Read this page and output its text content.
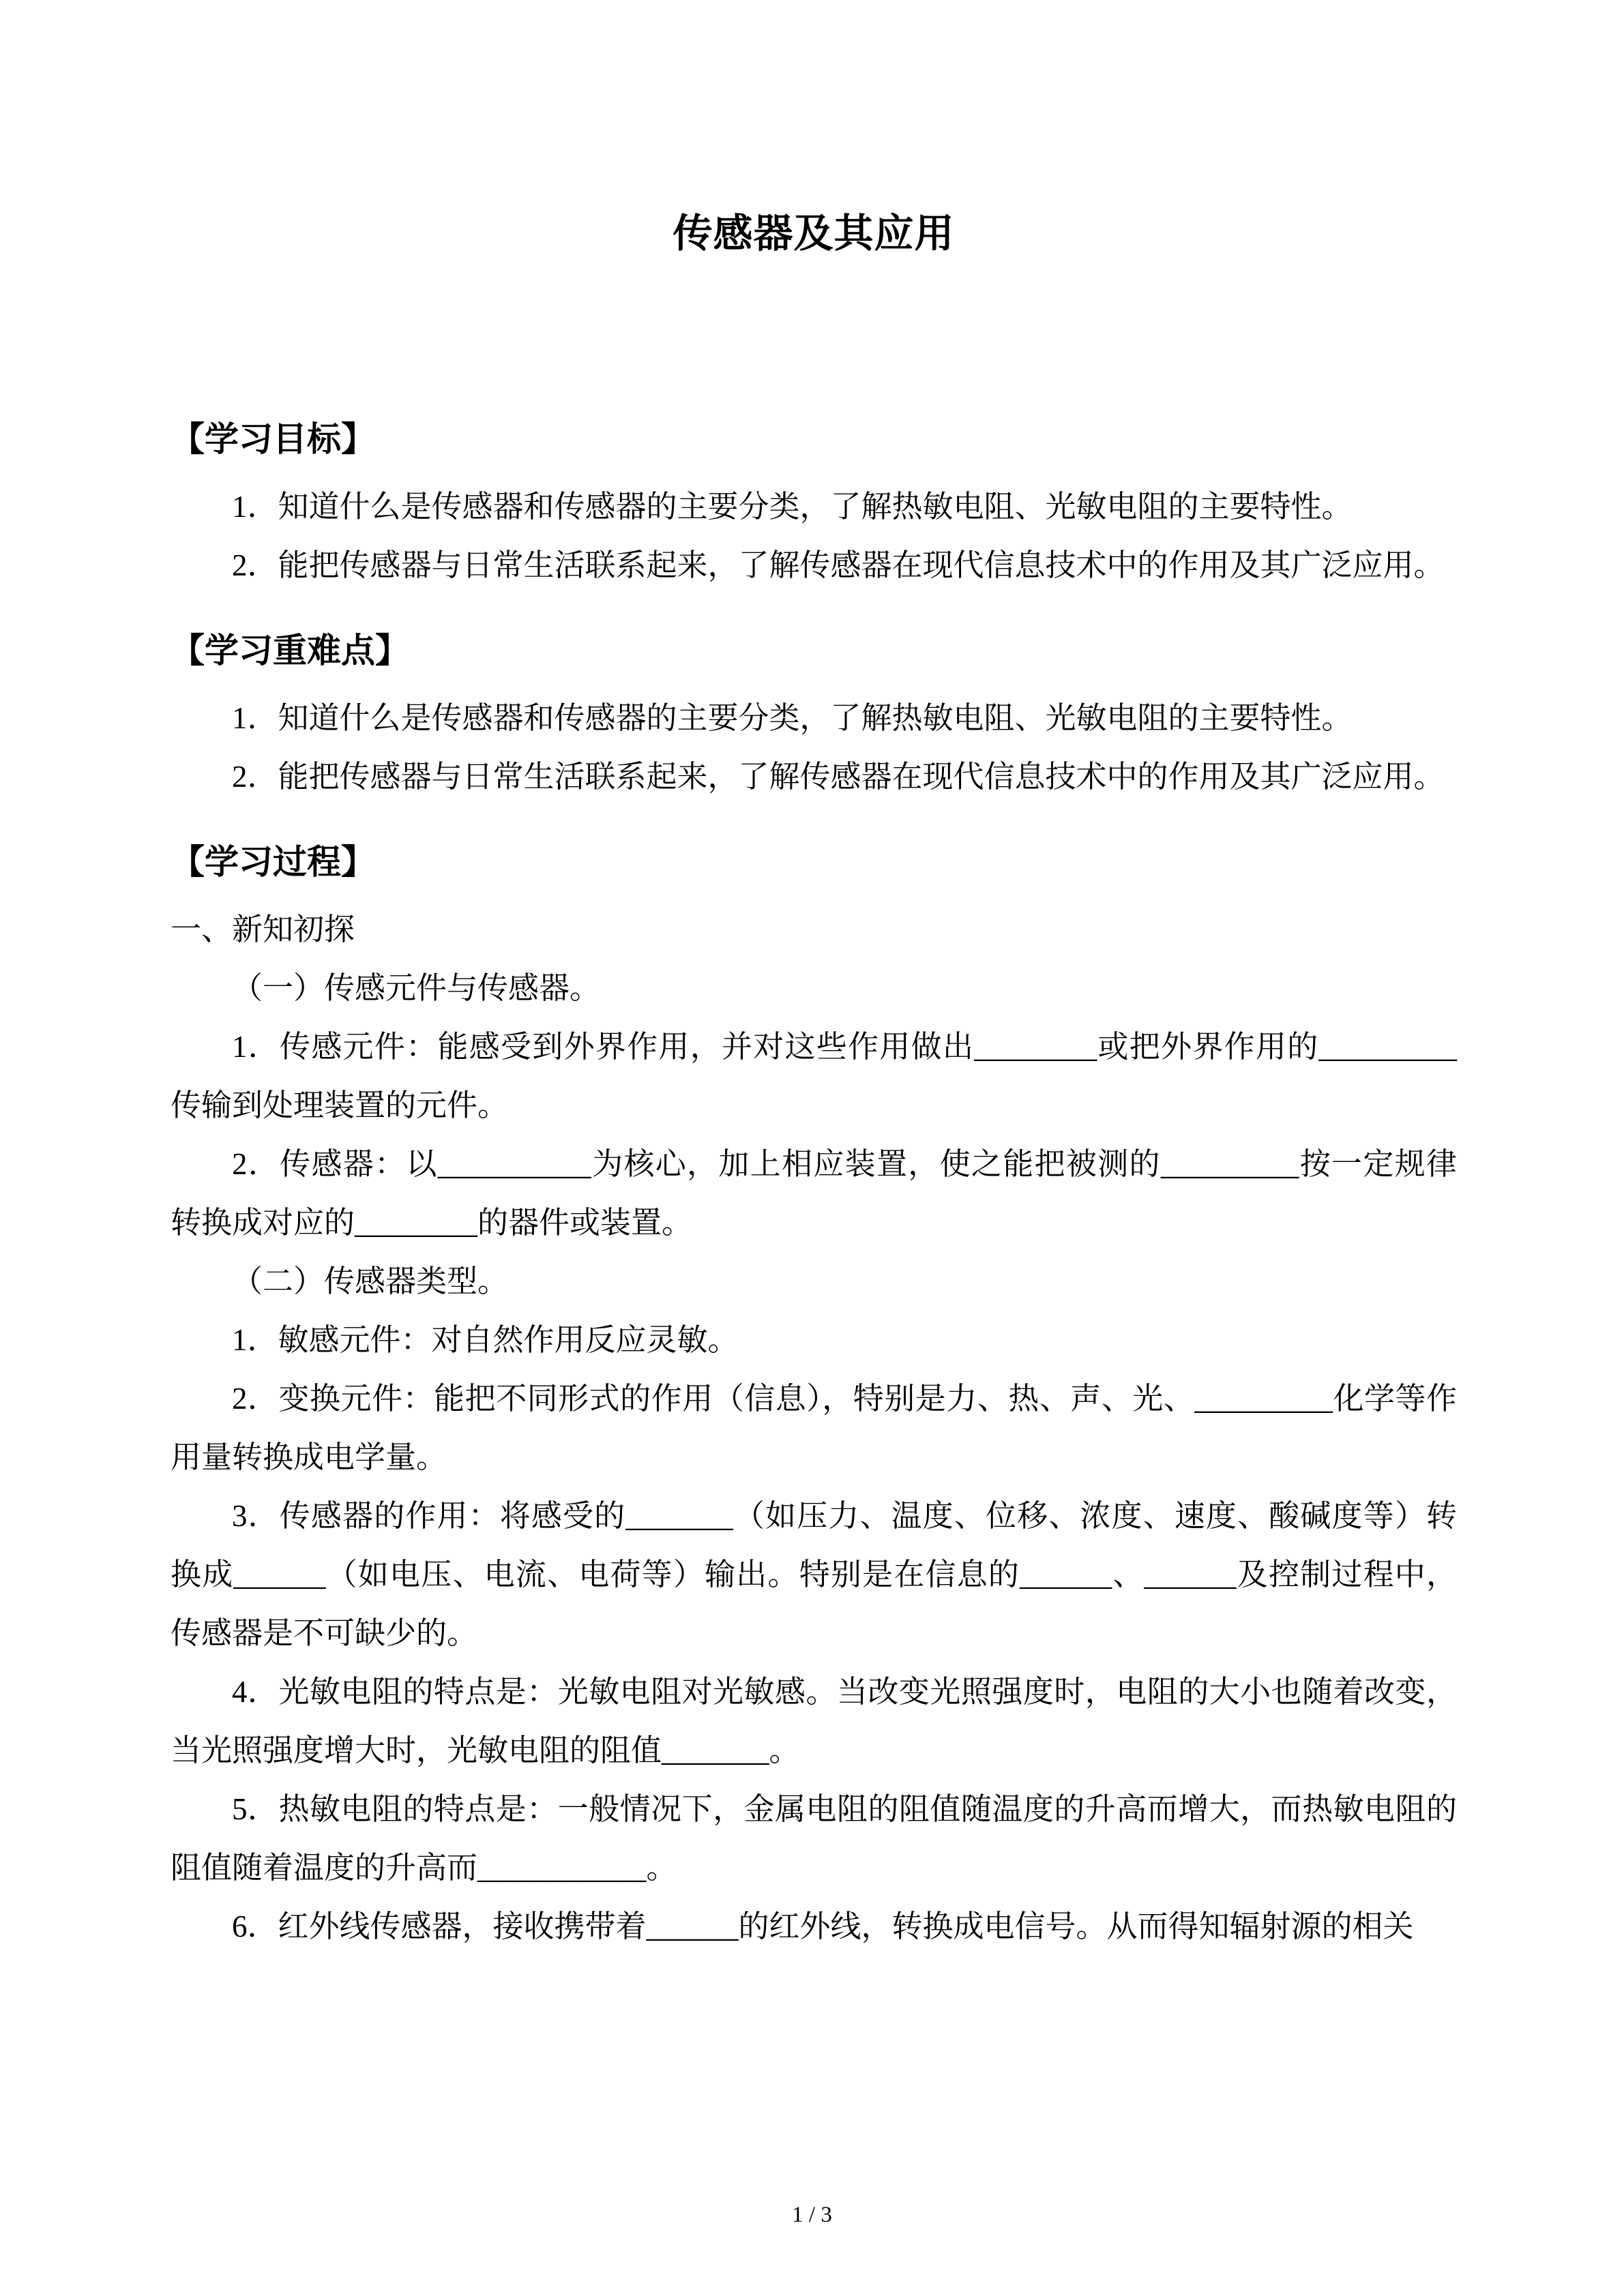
传感器及其应用
【学习目标】

1．知道什么是传感器和传感器的主要分类，了解热敏电阻、光敏电阻的主要特性。

2．能把传感器与日常生活联系起来，了解传感器在现代信息技术中的作用及其广泛应用。

【学习重难点】

1．知道什么是传感器和传感器的主要分类，了解热敏电阻、光敏电阻的主要特性。

2．能把传感器与日常生活联系起来，了解传感器在现代信息技术中的作用及其广泛应用。

【学习过程】

一、新知初探

（一）传感元件与传感器。

1．传感元件：能感受到外界作用，并对这些作用做出________或把外界作用的_________传输到处理装置的元件。

2．传感器：以__________为核心，加上相应装置，使之能把被测的_________按一定规律转换成对应的________的器件或装置。

（二）传感器类型。

1．敏感元件：对自然作用反应灵敏。

2．变换元件：能把不同形式的作用（信息），特别是力、热、声、光、_________化学等作用量转换成电学量。

3．传感器的作用：将感受的_______（如压力、温度、位移、浓度、速度、酸碱度等）转换成______（如电压、电流、电荷等）输出。特别是在信息的______、______及控制过程中，传感器是不可缺少的。

4．光敏电阻的特点是：光敏电阻对光敏感。当改变光照强度时，电阻的大小也随着改变，当光照强度增大时，光敏电阻的阻值_______。

5．热敏电阻的特点是：一般情况下，金属电阻的阻值随温度的升高而增大，而热敏电阻的阻值随着温度的升高而___________。

6．红外线传感器，接收携带着______的红外线，转换成电信号。从而得知辐射源的相关

1 / 3
